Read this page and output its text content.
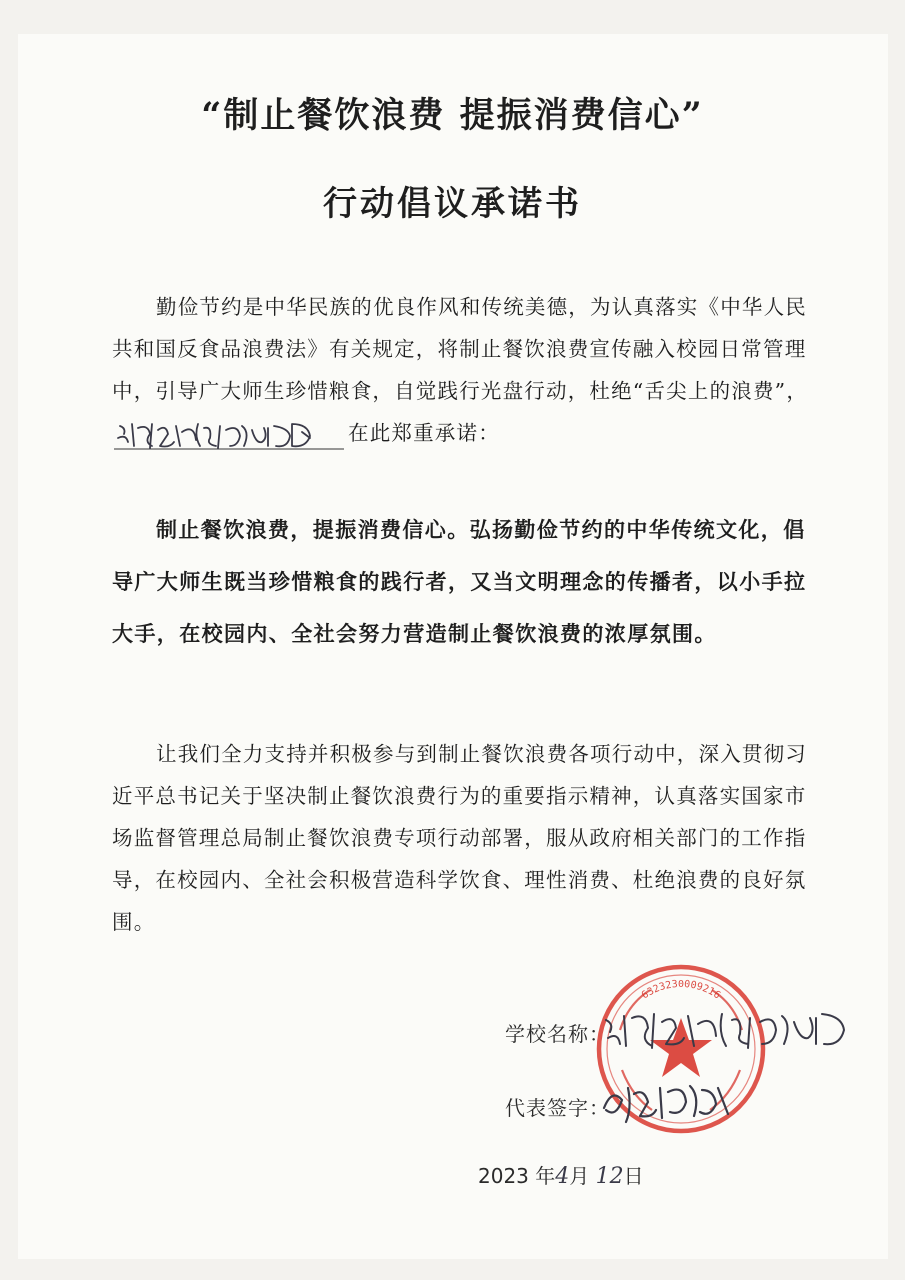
“制止餐饮浪费 提振消费信心”
行动倡议承诺书
勤俭节约是中华民族的优良作风和传统美德，为认真落实《中华人民共和国反食品浪费法》有关规定，将制止餐饮浪费宣传融入校园日常管理中，引导广大师生珍惜粮食，自觉践行光盘行动，杜绝“舌尖上的浪费”，在此郑重承诺：
制止餐饮浪费，提振消费信心。弘扬勤俭节约的中华传统文化，倡导广大师生既当珍惜粮食的践行者，又当文明理念的传播者，以小手拉大手，在校园内、全社会努力营造制止餐饮浪费的浓厚氛围。
让我们全力支持并积极参与到制止餐饮浪费各项行动中，深入贯彻习近平总书记关于坚决制止餐饮浪费行为的重要指示精神，认真落实国家市场监督管理总局制止餐饮浪费专项行动部署，服从政府相关部门的工作指导，在校园内、全社会积极营造科学饮食、理性消费、杜绝浪费的良好氛围。
6323230009216
学校名称：
代表签字：
2023 年4月 12日
